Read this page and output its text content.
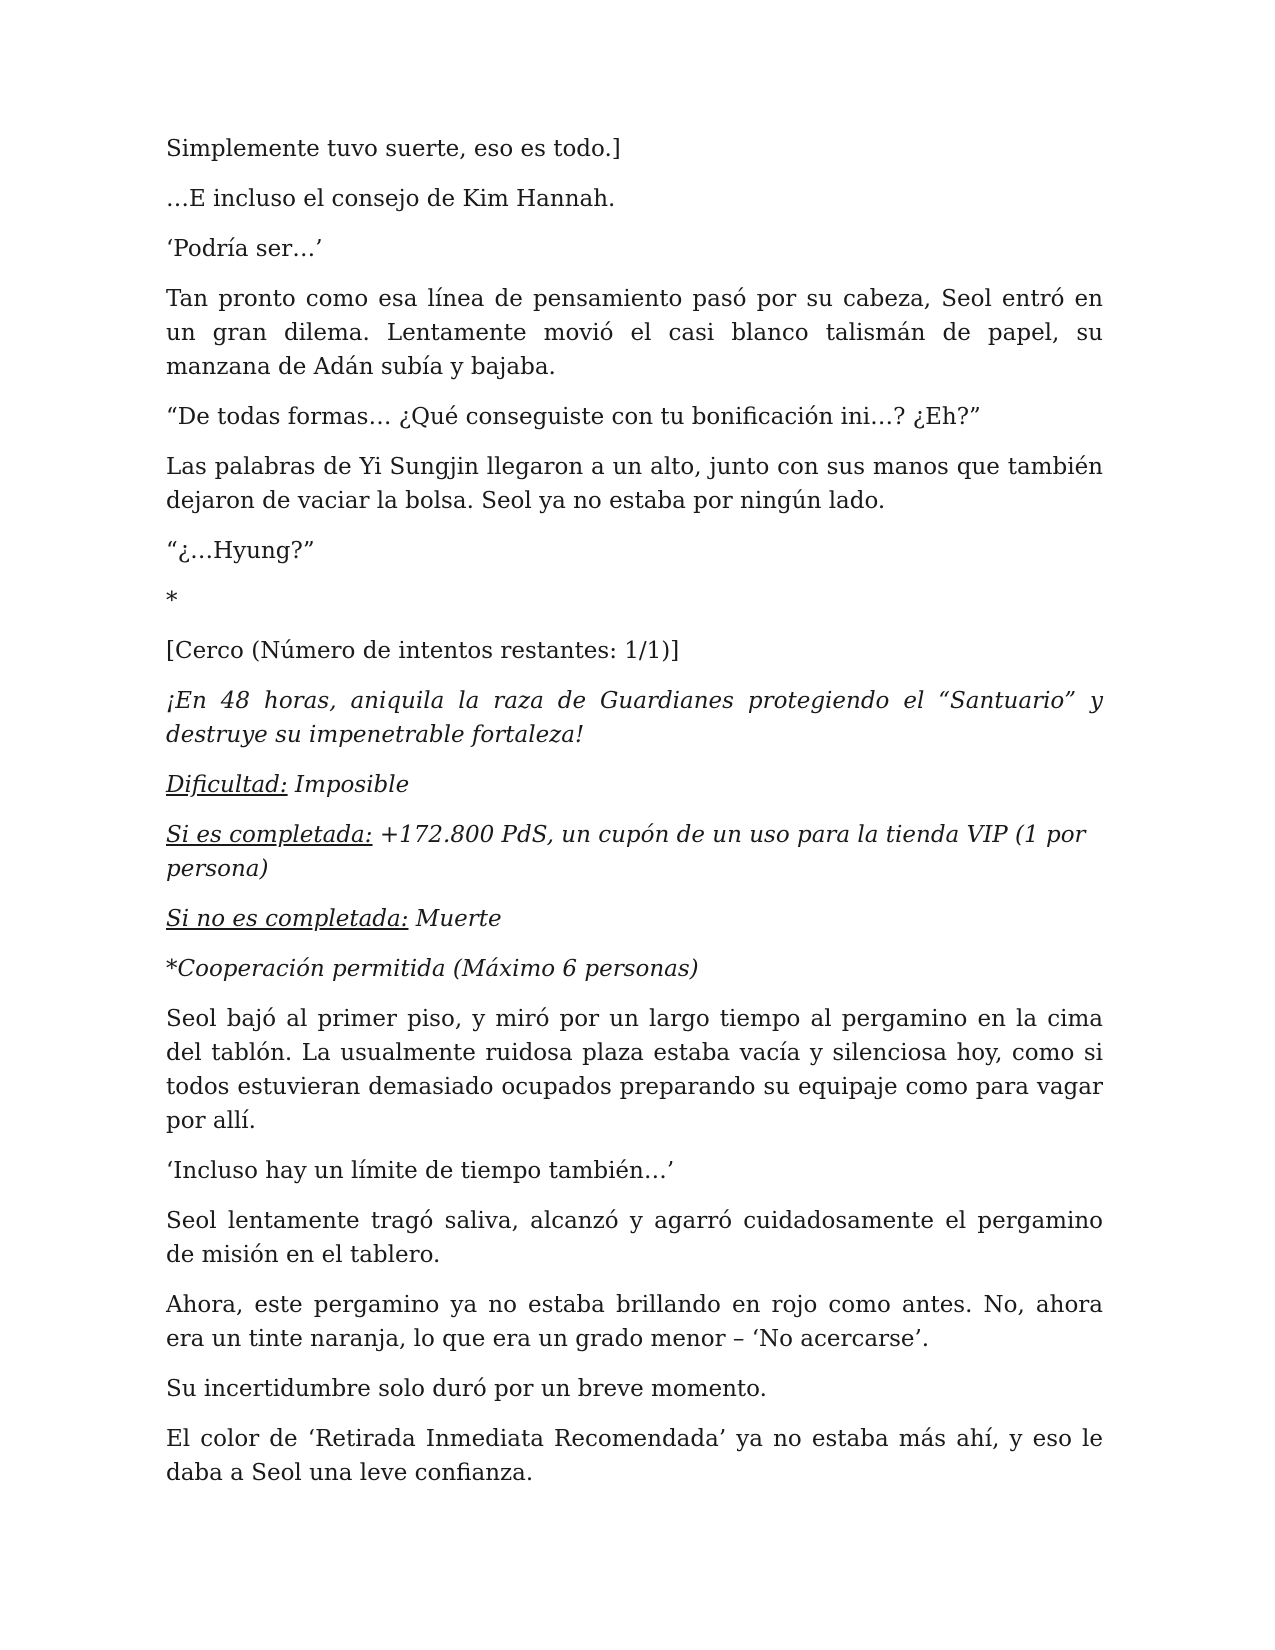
Simplemente tuvo suerte, eso es todo.]

…E incluso el consejo de Kim Hannah.

‘Podría ser…’

Tan pronto como esa línea de pensamiento pasó por su cabeza, Seol entró en un gran dilema. Lentamente movió el casi blanco talismán de papel, su manzana de Adán subía y bajaba.

“De todas formas… ¿Qué conseguiste con tu bonificación ini…? ¿Eh?”

Las palabras de Yi Sungjin llegaron a un alto, junto con sus manos que también dejaron de vaciar la bolsa. Seol ya no estaba por ningún lado.

“¿…Hyung?”

*

[Cerco (Número de intentos restantes: 1/1)]

¡En 48 horas, aniquila la raza de Guardianes protegiendo el “Santuario” y destruye su impenetrable fortaleza!

Dificultad: Imposible

Si es completada: +172.800 PdS, un cupón de un uso para la tienda VIP (1 por persona)

Si no es completada: Muerte

*Cooperación permitida (Máximo 6 personas)

Seol bajó al primer piso, y miró por un largo tiempo al pergamino en la cima del tablón. La usualmente ruidosa plaza estaba vacía y silenciosa hoy, como si todos estuvieran demasiado ocupados preparando su equipaje como para vagar por allí.

‘Incluso hay un límite de tiempo también…’

Seol lentamente tragó saliva, alcanzó y agarró cuidadosamente el pergamino de misión en el tablero.

Ahora, este pergamino ya no estaba brillando en rojo como antes. No, ahora era un tinte naranja, lo que era un grado menor – ‘No acercarse’.

Su incertidumbre solo duró por un breve momento.

El color de ‘Retirada Inmediata Recomendada’ ya no estaba más ahí, y eso le daba a Seol una leve confianza.
